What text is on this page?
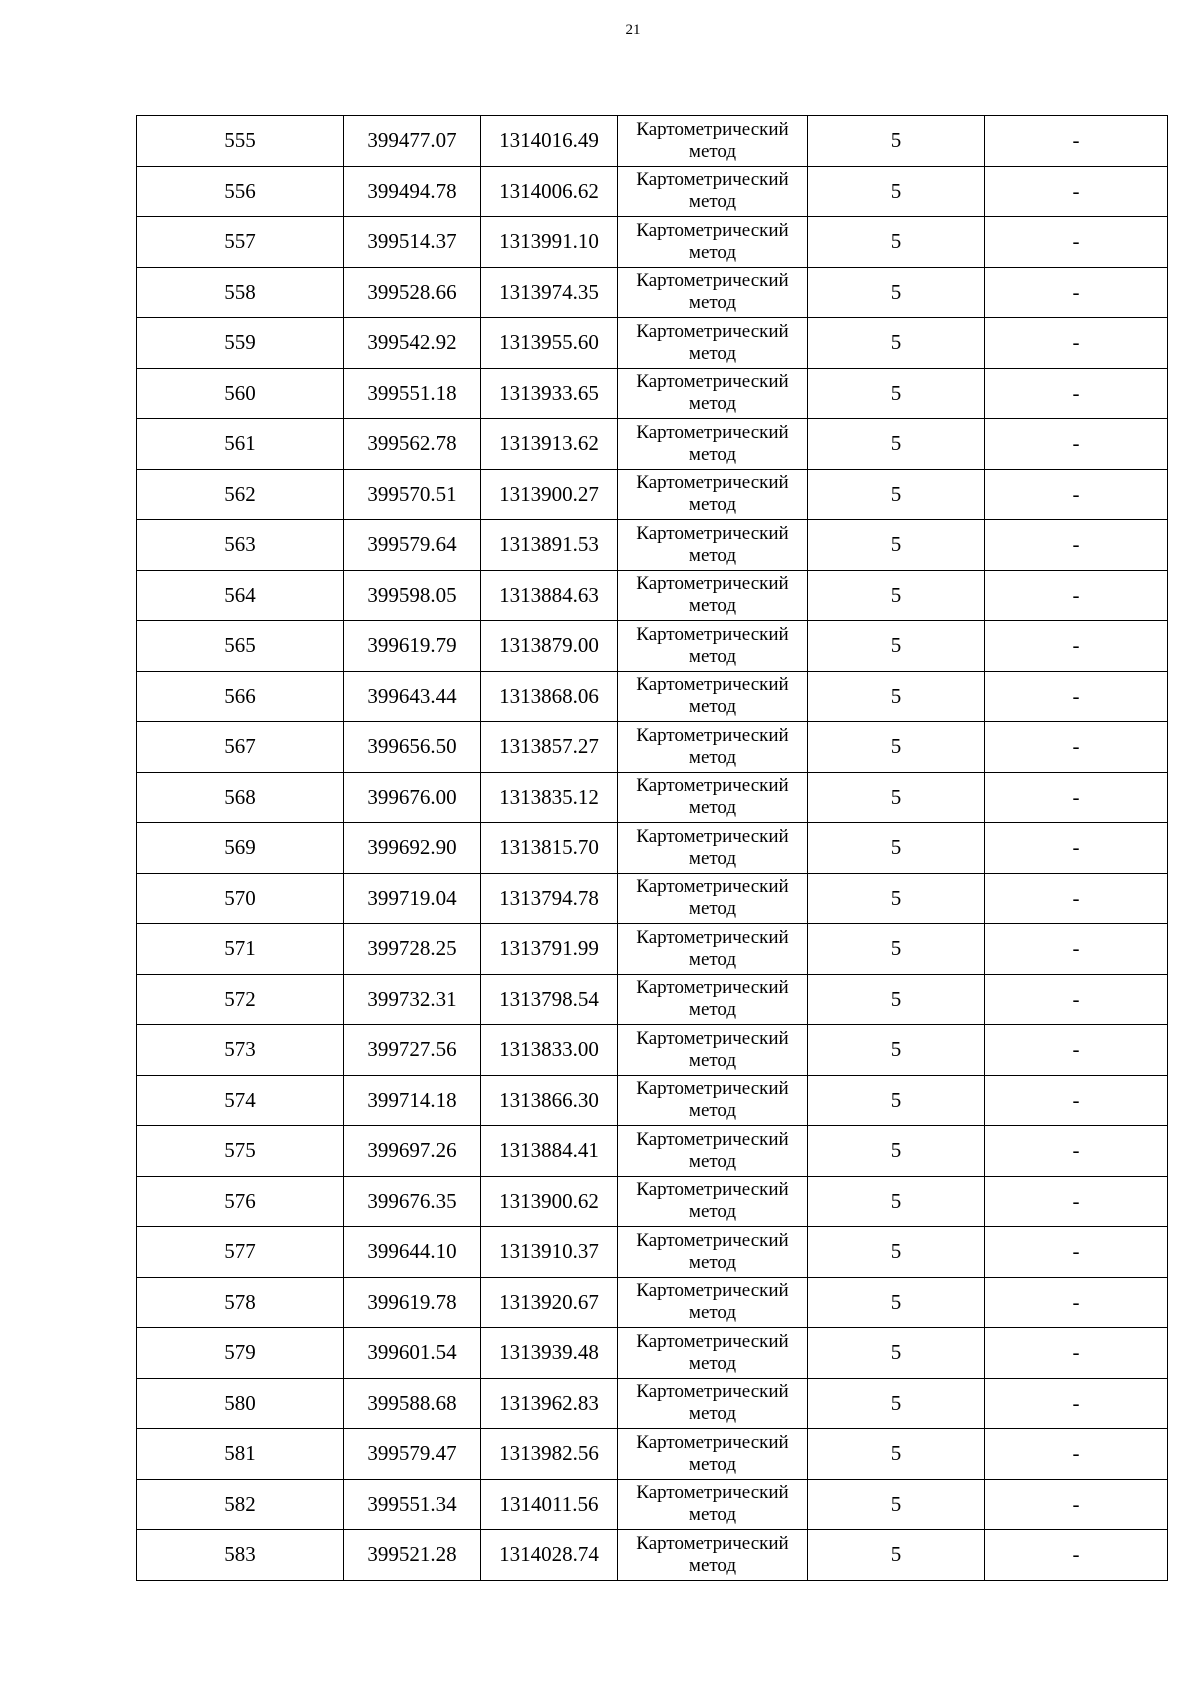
21
555	399477.07	1314016.49	Картометрический метод	5	-
556	399494.78	1314006.62	Картометрический метод	5	-
557	399514.37	1313991.10	Картометрический метод	5	-
558	399528.66	1313974.35	Картометрический метод	5	-
559	399542.92	1313955.60	Картометрический метод	5	-
560	399551.18	1313933.65	Картометрический метод	5	-
561	399562.78	1313913.62	Картометрический метод	5	-
562	399570.51	1313900.27	Картометрический метод	5	-
563	399579.64	1313891.53	Картометрический метод	5	-
564	399598.05	1313884.63	Картометрический метод	5	-
565	399619.79	1313879.00	Картометрический метод	5	-
566	399643.44	1313868.06	Картометрический метод	5	-
567	399656.50	1313857.27	Картометрический метод	5	-
568	399676.00	1313835.12	Картометрический метод	5	-
569	399692.90	1313815.70	Картометрический метод	5	-
570	399719.04	1313794.78	Картометрический метод	5	-
571	399728.25	1313791.99	Картометрический метод	5	-
572	399732.31	1313798.54	Картометрический метод	5	-
573	399727.56	1313833.00	Картометрический метод	5	-
574	399714.18	1313866.30	Картометрический метод	5	-
575	399697.26	1313884.41	Картометрический метод	5	-
576	399676.35	1313900.62	Картометрический метод	5	-
577	399644.10	1313910.37	Картометрический метод	5	-
578	399619.78	1313920.67	Картометрический метод	5	-
579	399601.54	1313939.48	Картометрический метод	5	-
580	399588.68	1313962.83	Картометрический метод	5	-
581	399579.47	1313982.56	Картометрический метод	5	-
582	399551.34	1314011.56	Картометрический метод	5	-
583	399521.28	1314028.74	Картометрический метод	5	-
